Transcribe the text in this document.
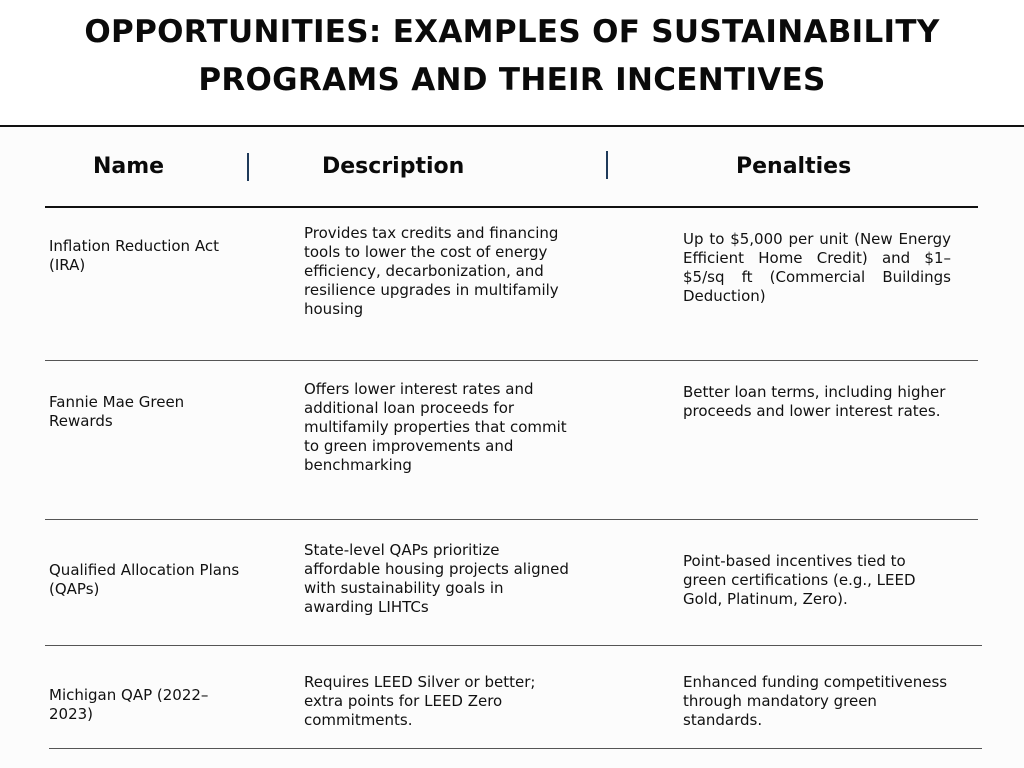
OPPORTUNITIES: EXAMPLES OF SUSTAINABILITY
PROGRAMS AND THEIR INCENTIVES
Name	Description	Penalties
Inflation Reduction Act (IRA)
Provides tax credits and financing tools to lower the cost of energy efficiency, decarbonization, and resilience upgrades in multifamily housing
Up to $5,000 per unit (New Energy Efficient Home Credit) and $1–$5/sq ft (Commercial Buildings Deduction)
Fannie Mae Green Rewards
Offers lower interest rates and additional loan proceeds for multifamily properties that commit to green improvements and benchmarking
Better loan terms, including higher proceeds and lower interest rates.
Qualified Allocation Plans (QAPs)
State-level QAPs prioritize affordable housing projects aligned with sustainability goals in awarding LIHTCs
Point-based incentives tied to green certifications (e.g., LEED Gold, Platinum, Zero).
Michigan QAP (2022–2023)
Requires LEED Silver or better; extra points for LEED Zero commitments.
Enhanced funding competitiveness through mandatory green standards.
